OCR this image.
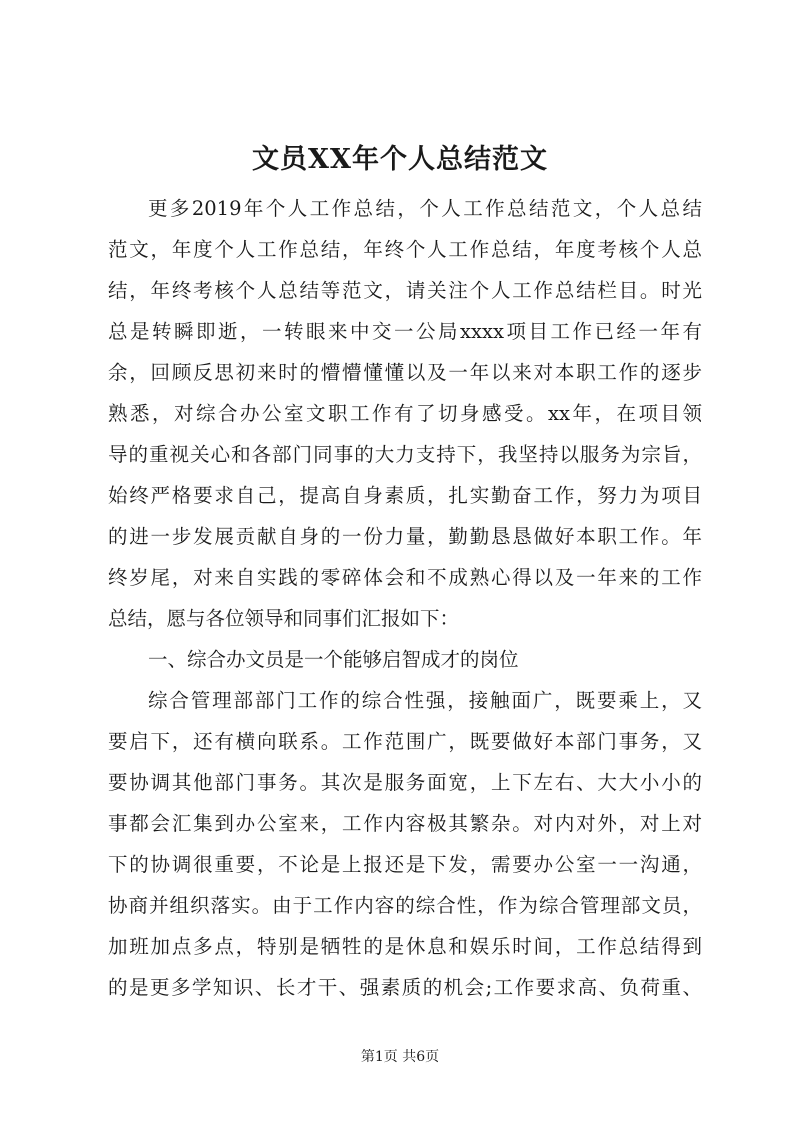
文员XX年个人总结范文
更多2019年个人工作总结，个人工作总结范文，个人总结
范文，年度个人工作总结，年终个人工作总结，年度考核个人总
结，年终考核个人总结等范文，请关注个人工作总结栏目。时光
总是转瞬即逝，一转眼来中交一公局xxxx项目工作已经一年有
余，回顾反思初来时的懵懵懂懂以及一年以来对本职工作的逐步
熟悉，对综合办公室文职工作有了切身感受。xx年，在项目领
导的重视关心和各部门同事的大力支持下，我坚持以服务为宗旨，
始终严格要求自己，提高自身素质，扎实勤奋工作，努力为项目
的进一步发展贡献自身的一份力量，勤勤恳恳做好本职工作。年
终岁尾，对来自实践的零碎体会和不成熟心得以及一年来的工作
总结，愿与各位领导和同事们汇报如下：
一、综合办文员是一个能够启智成才的岗位
综合管理部部门工作的综合性强，接触面广，既要乘上，又
要启下，还有横向联系。工作范围广，既要做好本部门事务，又
要协调其他部门事务。其次是服务面宽，上下左右、大大小小的
事都会汇集到办公室来，工作内容极其繁杂。对内对外，对上对
下的协调很重要，不论是上报还是下发，需要办公室一一沟通，
协商并组织落实。由于工作内容的综合性，作为综合管理部文员，
加班加点多点，特别是牺牲的是休息和娱乐时间，工作总结得到
的是更多学知识、长才干、强素质的机会;工作要求高、负荷重、
第1页 共6页
